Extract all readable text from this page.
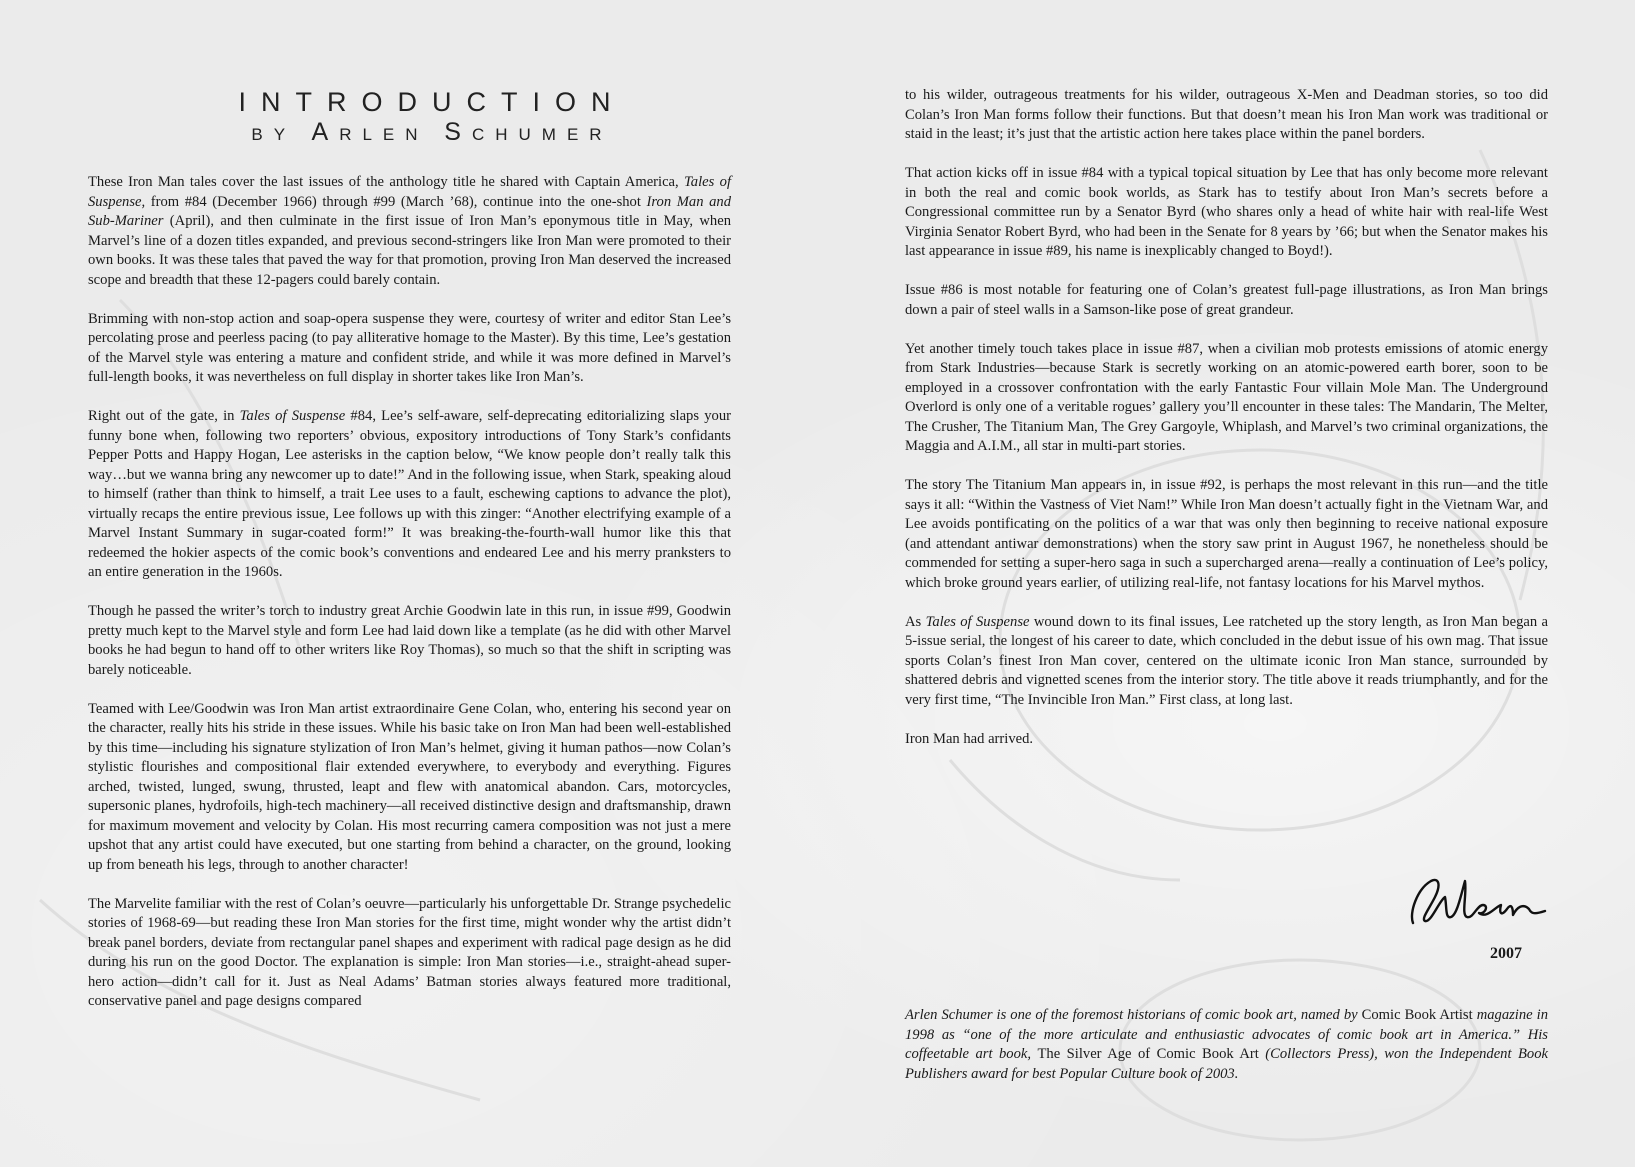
INTRODUCTION
BY ARLEN SCHUMER

These Iron Man tales cover the last issues of the anthology title he shared with Captain America, Tales of Suspense, from #84 (December 1966) through #99 (March ’68), continue into the one-shot Iron Man and Sub-Mariner (April), and then culminate in the first issue of Iron Man’s eponymous title in May, when Marvel’s line of a dozen titles expanded, and previous second-stringers like Iron Man were promoted to their own books. It was these tales that paved the way for that promotion, proving Iron Man deserved the increased scope and breadth that these 12-pagers could barely contain.

Brimming with non-stop action and soap-opera suspense they were, courtesy of writer and editor Stan Lee’s percolating prose and peerless pacing (to pay alliterative homage to the Master). By this time, Lee’s gestation of the Marvel style was entering a mature and confident stride, and while it was more defined in Marvel’s full-length books, it was nevertheless on full display in shorter takes like Iron Man’s.

Right out of the gate, in Tales of Suspense #84, Lee’s self-aware, self-deprecating editorializing slaps your funny bone when, following two reporters’ obvious, expository introductions of Tony Stark’s confidants Pepper Potts and Happy Hogan, Lee asterisks in the caption below, “We know people don’t really talk this way…but we wanna bring any newcomer up to date!” And in the following issue, when Stark, speaking aloud to himself (rather than think to himself, a trait Lee uses to a fault, eschewing captions to advance the plot), virtually recaps the entire previous issue, Lee follows up with this zinger: “Another electrifying example of a Marvel Instant Summary in sugar-coated form!” It was breaking-the-fourth-wall humor like this that redeemed the hokier aspects of the comic book’s conventions and endeared Lee and his merry pranksters to an entire generation in the 1960s.

Though he passed the writer’s torch to industry great Archie Goodwin late in this run, in issue #99, Goodwin pretty much kept to the Marvel style and form Lee had laid down like a template (as he did with other Marvel books he had begun to hand off to other writers like Roy Thomas), so much so that the shift in scripting was barely noticeable.

Teamed with Lee/Goodwin was Iron Man artist extraordinaire Gene Colan, who, entering his second year on the character, really hits his stride in these issues. While his basic take on Iron Man had been well-established by this time—including his signature stylization of Iron Man’s helmet, giving it human pathos—now Colan’s stylistic flourishes and compositional flair extended everywhere, to everybody and everything. Figures arched, twisted, lunged, swung, thrusted, leapt and flew with anatomical abandon. Cars, motorcycles, supersonic planes, hydrofoils, high-tech machinery—all received distinctive design and draftsmanship, drawn for maximum movement and velocity by Colan. His most recurring camera composition was not just a mere upshot that any artist could have executed, but one starting from behind a character, on the ground, looking up from beneath his legs, through to another character!

The Marvelite familiar with the rest of Colan’s oeuvre—particularly his unforgettable Dr. Strange psychedelic stories of 1968-69—but reading these Iron Man stories for the first time, might wonder why the artist didn’t break panel borders, deviate from rectangular panel shapes and experiment with radical page design as he did during his run on the good Doctor. The explanation is simple: Iron Man stories—i.e., straight-ahead super-hero action—didn’t call for it. Just as Neal Adams’ Batman stories always featured more traditional, conservative panel and page designs compared

to his wilder, outrageous treatments for his wilder, outrageous X-Men and Deadman stories, so too did Colan’s Iron Man forms follow their functions. But that doesn’t mean his Iron Man work was traditional or staid in the least; it’s just that the artistic action here takes place within the panel borders.

That action kicks off in issue #84 with a typical topical situation by Lee that has only become more relevant in both the real and comic book worlds, as Stark has to testify about Iron Man’s secrets before a Congressional committee run by a Senator Byrd (who shares only a head of white hair with real-life West Virginia Senator Robert Byrd, who had been in the Senate for 8 years by ’66; but when the Senator makes his last appearance in issue #89, his name is inexplicably changed to Boyd!).

Issue #86 is most notable for featuring one of Colan’s greatest full-page illustrations, as Iron Man brings down a pair of steel walls in a Samson-like pose of great grandeur.

Yet another timely touch takes place in issue #87, when a civilian mob protests emissions of atomic energy from Stark Industries—because Stark is secretly working on an atomic-powered earth borer, soon to be employed in a crossover confrontation with the early Fantastic Four villain Mole Man. The Underground Overlord is only one of a veritable rogues’ gallery you’ll encounter in these tales: The Mandarin, The Melter, The Crusher, The Titanium Man, The Grey Gargoyle, Whiplash, and Marvel’s two criminal organizations, the Maggia and A.I.M., all star in multi-part stories.

The story The Titanium Man appears in, in issue #92, is perhaps the most relevant in this run—and the title says it all: “Within the Vastness of Viet Nam!” While Iron Man doesn’t actually fight in the Vietnam War, and Lee avoids pontificating on the politics of a war that was only then beginning to receive national exposure (and attendant antiwar demonstrations) when the story saw print in August 1967, he nonetheless should be commended for setting a super-hero saga in such a supercharged arena—really a continuation of Lee’s policy, which broke ground years earlier, of utilizing real-life, not fantasy locations for his Marvel mythos.

As Tales of Suspense wound down to its final issues, Lee ratcheted up the story length, as Iron Man began a 5-issue serial, the longest of his career to date, which concluded in the debut issue of his own mag. That issue sports Colan’s finest Iron Man cover, centered on the ultimate iconic Iron Man stance, surrounded by shattered debris and vignetted scenes from the interior story. The title above it reads triumphantly, and for the very first time, “The Invincible Iron Man.” First class, at long last.

Iron Man had arrived.

2007
Arlen Schumer is one of the foremost historians of comic book art, named by Comic Book Artist magazine in 1998 as “one of the more articulate and enthusiastic advocates of comic book art in America.” His coffeetable art book, The Silver Age of Comic Book Art (Collectors Press), won the Independent Book Publishers award for best Popular Culture book of 2003.
